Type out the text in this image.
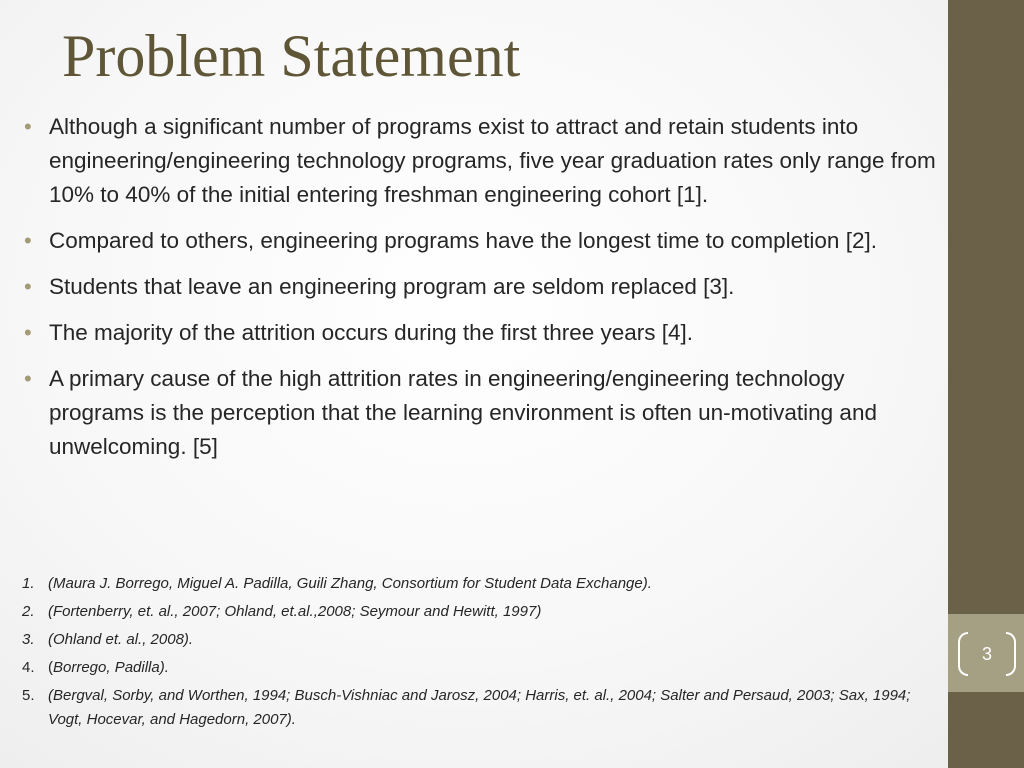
3
Problem Statement
• Although a significant number of programs exist to attract and retain students into engineering/engineering technology programs, five year graduation rates only range from 10% to 40% of the initial entering freshman engineering cohort [1].
• Compared to others, engineering programs have the longest time to completion [2].
• Students that leave an engineering program are seldom replaced [3].
• The majority of the attrition occurs during the first three years [4].
• A primary cause of the high attrition rates in engineering/engineering technology programs is the perception that the learning environment is often un-motivating and unwelcoming. [5]
1. (Maura J. Borrego, Miguel A. Padilla, Guili Zhang, Consortium for Student Data Exchange).
2. (Fortenberry, et. al., 2007; Ohland, et.al.,2008; Seymour and Hewitt, 1997)
3. (Ohland et. al., 2008).
4. (Borrego, Padilla).
5. (Bergval, Sorby, and Worthen, 1994; Busch-Vishniac and Jarosz, 2004; Harris, et. al., 2004; Salter and Persaud, 2003; Sax, 1994; Vogt, Hocevar, and Hagedorn, 2007).
